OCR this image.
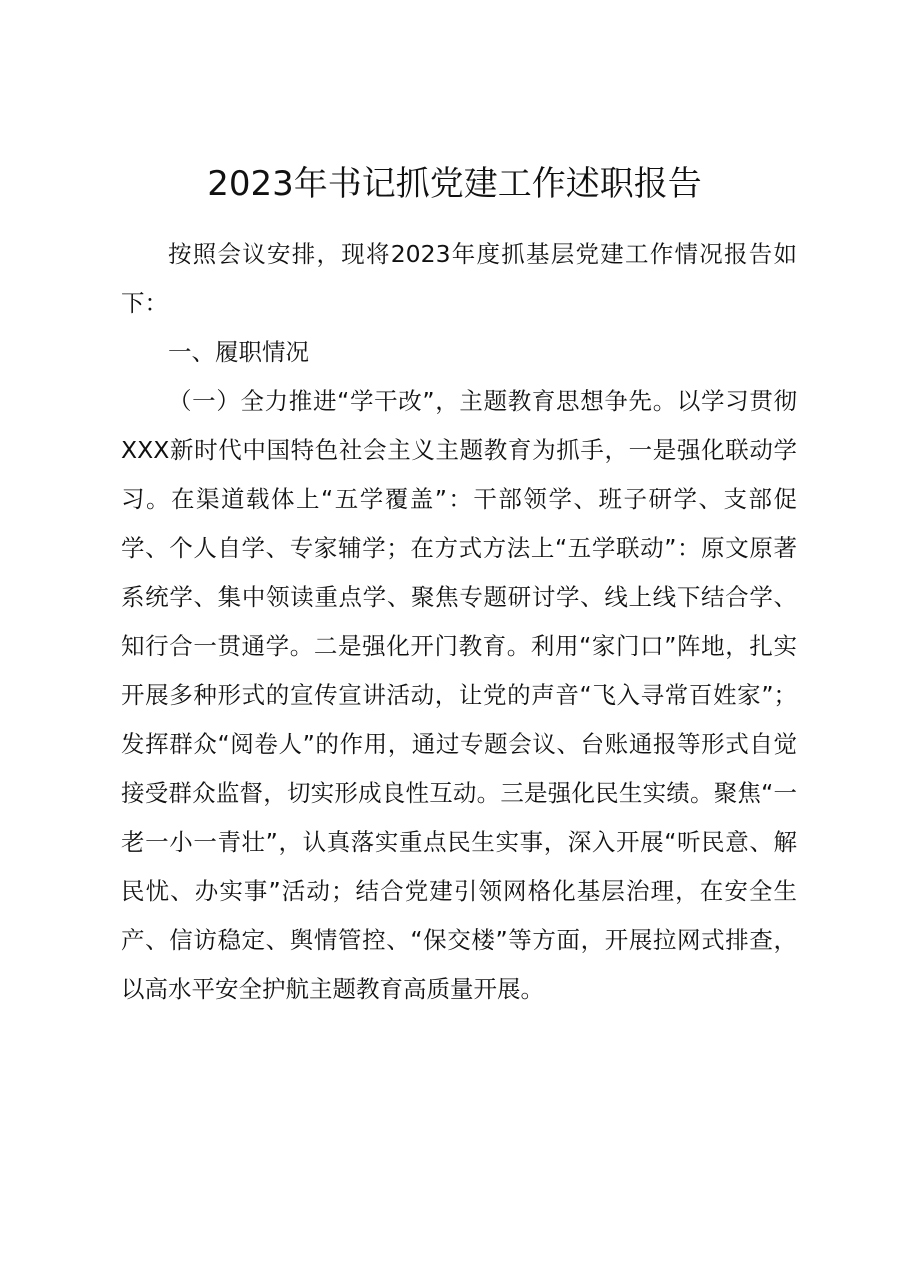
2023年书记抓党建工作述职报告

按照会议安排，现将2023年度抓基层党建工作情况报告如下：

一、履职情况

（一）全力推进“学干改”，主题教育思想争先。以学习贯彻XXX新时代中国特色社会主义主题教育为抓手，一是强化联动学习。在渠道载体上“五学覆盖”：干部领学、班子研学、支部促学、个人自学、专家辅学；在方式方法上“五学联动”：原文原著系统学、集中领读重点学、聚焦专题研讨学、线上线下结合学、知行合一贯通学。二是强化开门教育。利用“家门口”阵地，扎实开展多种形式的宣传宣讲活动，让党的声音“飞入寻常百姓家”；发挥群众“阅卷人”的作用，通过专题会议、台账通报等形式自觉接受群众监督，切实形成良性互动。三是强化民生实绩。聚焦“一老一小一青壮”，认真落实重点民生实事，深入开展“听民意、解民忧、办实事”活动；结合党建引领网格化基层治理，在安全生产、信访稳定、舆情管控、“保交楼”等方面，开展拉网式排查，以高水平安全护航主题教育高质量开展。
